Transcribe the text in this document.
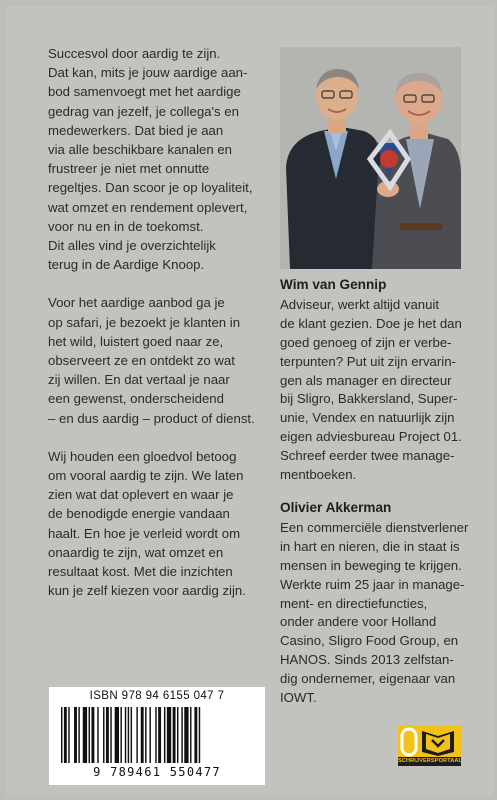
Succesvol door aardig te zijn.
Dat kan, mits je jouw aardige aan-
bod samenvoegt met het aardige
gedrag van jezelf, je collega's en
medewerkers. Dat bied je aan
via alle beschikbare kanalen en
frustreer je niet met onnutte
regeltjes. Dan scoor je op loyaliteit,
wat omzet en rendement oplevert,
voor nu en in de toekomst.
Dit alles vind je overzichtelijk
terug in de Aardige Knoop.

Voor het aardige aanbod ga je
op safari, je bezoekt je klanten in
het wild, luistert goed naar ze,
observeert ze en ontdekt zo wat
zij willen. En dat vertaal je naar
een gewenst, onderscheidend
– en dus aardig – product of dienst.

Wij houden een gloedvol betoog
om vooral aardig te zijn. We laten
zien wat dat oplevert en waar je
de benodigde energie vandaan
haalt. En hoe je verleid wordt om
onaardig te zijn, wat omzet en
resultaat kost. Met die inzichten
kun je zelf kiezen voor aardig zijn.

Wim van Gennip

Adviseur, werkt altijd vanuit
de klant gezien. Doe je het dan
goed genoeg of zijn er verbe-
terpunten? Put uit zijn ervarin-
gen als manager en directeur
bij Sligro, Bakkersland, Super-
unie, Vendex en natuurlijk zijn
eigen adviesbureau Project 01.
Schreef eerder twee manage-
mentboeken.

Olivier Akkerman

Een commerciële dienstverlener
in hart en nieren, die in staat is
mensen in beweging te krijgen.
Werkte ruim 25 jaar in manage-
ment- en directiefuncties,
onder andere voor Holland
Casino, Sligro Food Group, en
HANOS. Sinds 2013 zelfstan-
dig ondernemer, eigenaar van
IOWT.

ISBN 978 94 6155 047 7
9 789461 550477
SCHRIJVERSPORTAAL
